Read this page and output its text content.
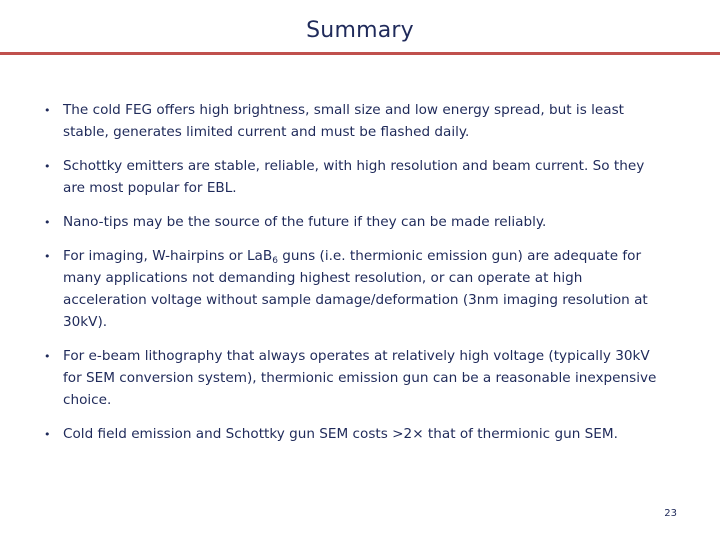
Summary
• The cold FEG offers high brightness, small size and low energy spread, but is least stable, generates limited current and must be flashed daily.
• Schottky emitters are stable, reliable, with high resolution and beam current. So they are most popular for EBL.
• Nano-tips may be the source of the future if they can be made reliably.
• For imaging, W-hairpins or LaB$_6$ guns (i.e. thermionic emission gun) are adequate for many applications not demanding highest resolution, or can operate at high acceleration voltage without sample damage/deformation (3nm imaging resolution at 30kV).
• For e-beam lithography that always operates at relatively high voltage (typically 30kV for SEM conversion system), thermionic emission gun can be a reasonable inexpensive choice.
• Cold field emission and Schottky gun SEM costs >2× that of thermionic gun SEM.
23
